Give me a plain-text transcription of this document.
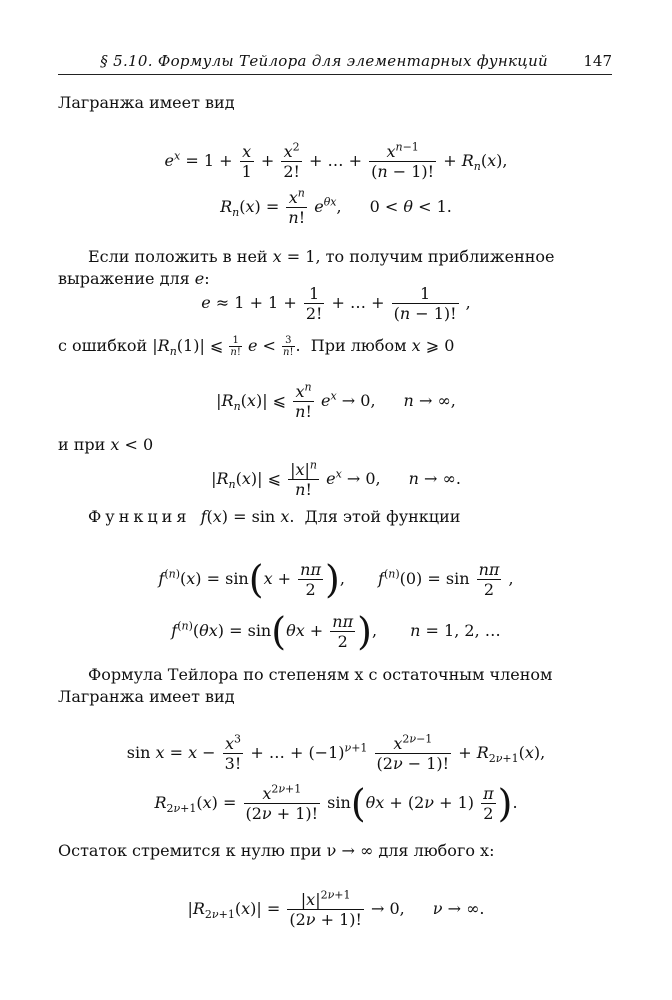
§ 5.10. Формулы Тейлора для элементарных функций 147
Лагранжа имеет вид
$e^x = 1 + \frac{x}{1} + \frac{x^2}{2!}$ + … + $\frac{x^{n-1}}{(n - 1)!} + R_n(x)$,
$R_n(x) = \frac{x^n}{n!} e^{\theta x}$, 0 < θ < 1.
Если положить в ней x = 1, то получим приближенное выражение для e:
$e \approx 1 + 1 + \frac{1}{2!}$ + … + $\frac{1}{(n - 1)!}$ ,
с ошибкой $|R_n(1)|$ ⩽ $\frac{1}{n!}$ $e < \frac{3}{n!}$ .  При любом x ⩾ 0
$|R_n(x)|$ ⩽ $\frac{x^n}{n!} e^x \to 0$, n → ∞,
и при x < 0
$|R_n(x)|$ ⩽ $\frac{|x|^n}{n!} e^x \to 0$, n → ∞.
Функция f(x) = sin x.  Для этой функции
$f^{(n)}(x) = \sin(x + \frac{n\pi}{2}$ ), $f^{(n)}(0) = \sin \frac{n\pi}{2}$ ,
$f^{(n)}(\theta x) = \sin(\theta x + \frac{n\pi}{2}$ ), n = 1, 2, …
Формула Тейлора по степеням x с остаточным членом Лагранжа имеет вид
$\sin x = x - \frac{x^3}{3!}$ + … + $(-1)^{\nu+1} \frac{x^{2\nu-1}}{(2\nu - 1)!} + R_{2\nu+1}(x)$,
$R_{2\nu+1}(x) = \frac{x^{2\nu+1}}{(2\nu + 1)!} \sin(\theta x + (2\nu + 1) \frac{\pi}{2}$ ).
Остаток стремится к нулю при ν → ∞ для любого x:
$|R_{2\nu+1}(x)| = \frac{|x|^{2\nu+1}}{(2\nu + 1)!} \to 0$, ν → ∞.
